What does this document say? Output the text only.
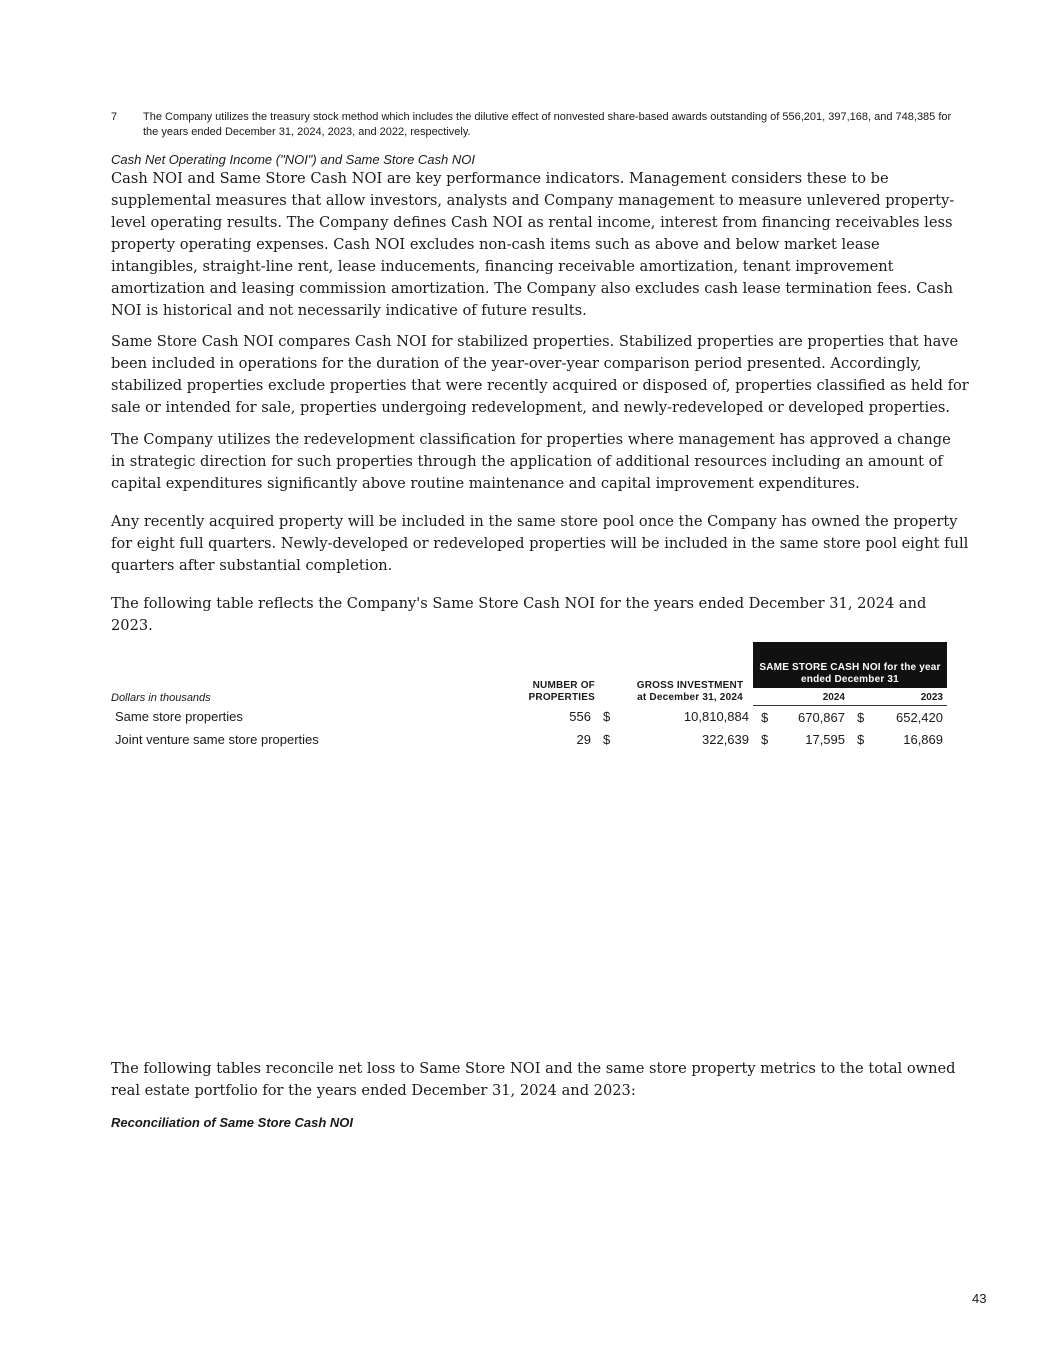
7	The Company utilizes the treasury stock method which includes the dilutive effect of nonvested share-based awards outstanding of 556,201, 397,168, and 748,385 for the years ended December 31, 2024, 2023, and 2022, respectively.
Cash Net Operating Income ("NOI") and Same Store Cash NOI

Cash NOI and Same Store Cash NOI are key performance indicators. Management considers these to be supplemental measures that allow investors, analysts and Company management to measure unlevered property-level operating results. The Company defines Cash NOI as rental income, interest from financing receivables less property operating expenses. Cash NOI excludes non-cash items such as above and below market lease intangibles, straight-line rent, lease inducements, financing receivable amortization, tenant improvement amortization and leasing commission amortization. The Company also excludes cash lease termination fees. Cash NOI is historical and not necessarily indicative of future results.

Same Store Cash NOI compares Cash NOI for stabilized properties. Stabilized properties are properties that have been included in operations for the duration of the year-over-year comparison period presented. Accordingly, stabilized properties exclude properties that were recently acquired or disposed of, properties classified as held for sale or intended for sale, properties undergoing redevelopment, and newly-redeveloped or developed properties.

The Company utilizes the redevelopment classification for properties where management has approved a change in strategic direction for such properties through the application of additional resources including an amount of capital expenditures significantly above routine maintenance and capital improvement expenditures.

Any recently acquired property will be included in the same store pool once the Company has owned the property for eight full quarters. Newly-developed or redeveloped properties will be included in the same store pool eight full quarters after substantial completion.

The following table reflects the Company's Same Store Cash NOI for the years ended December 31, 2024 and 2023.

Dollars in thousands	NUMBER OF PROPERTIES	GROSS INVESTMENT
at December 31, 2024		SAME STORE CASH NOI for the year ended December 31			
				2024		2023	
Same store properties	556	$	10,810,884	$	670,867	$	652,420
Joint venture same store properties	29	$	322,639	$	17,595	$	16,869

The following tables reconcile net loss to Same Store NOI and the same store property metrics to the total owned real estate portfolio for the years ended December 31, 2024 and 2023:

Reconciliation of Same Store Cash NOI
43
